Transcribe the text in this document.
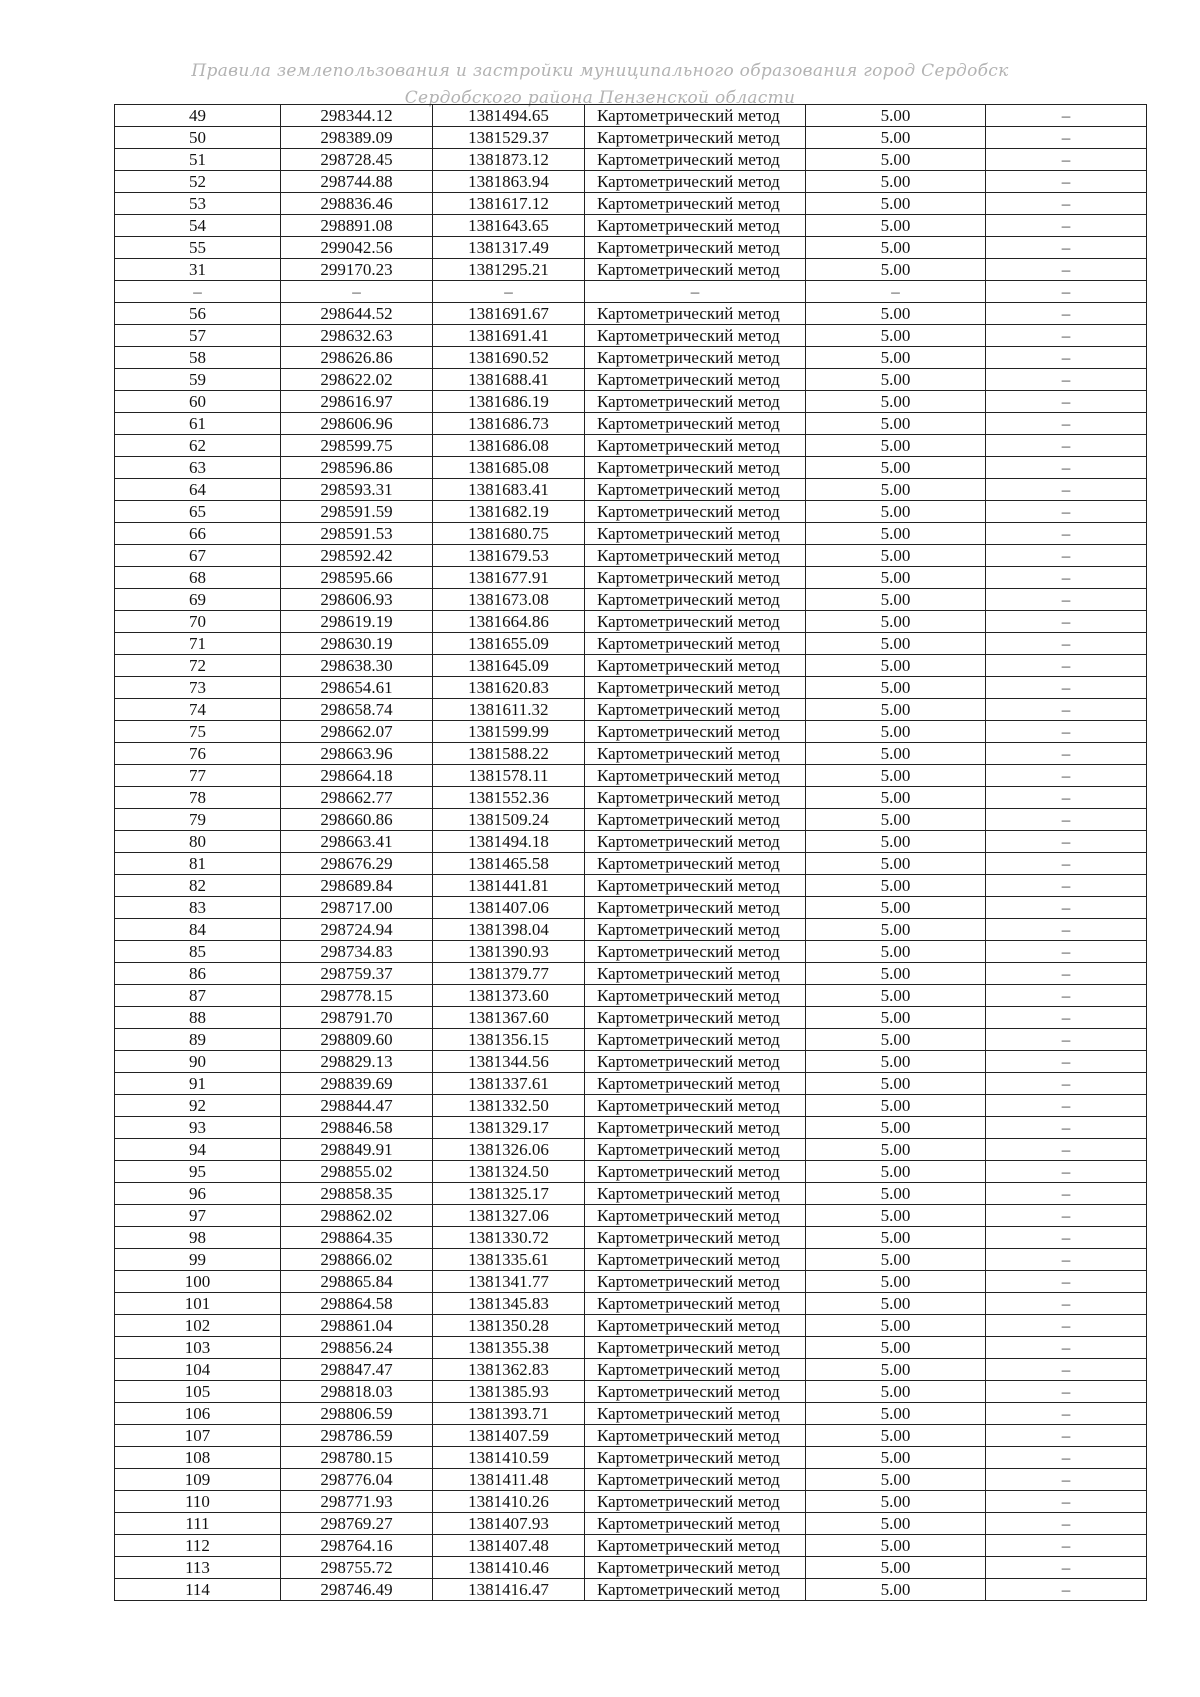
Правила землепользования и застройки муниципального образования город Сердобск
Сердобского района Пензенской области
49	298344.12	1381494.65	Картометрический метод	5.00	–
50	298389.09	1381529.37	Картометрический метод	5.00	–
51	298728.45	1381873.12	Картометрический метод	5.00	–
52	298744.88	1381863.94	Картометрический метод	5.00	–
53	298836.46	1381617.12	Картометрический метод	5.00	–
54	298891.08	1381643.65	Картометрический метод	5.00	–
55	299042.56	1381317.49	Картометрический метод	5.00	–
31	299170.23	1381295.21	Картометрический метод	5.00	–
–	–	–	–	–	–
56	298644.52	1381691.67	Картометрический метод	5.00	–
57	298632.63	1381691.41	Картометрический метод	5.00	–
58	298626.86	1381690.52	Картометрический метод	5.00	–
59	298622.02	1381688.41	Картометрический метод	5.00	–
60	298616.97	1381686.19	Картометрический метод	5.00	–
61	298606.96	1381686.73	Картометрический метод	5.00	–
62	298599.75	1381686.08	Картометрический метод	5.00	–
63	298596.86	1381685.08	Картометрический метод	5.00	–
64	298593.31	1381683.41	Картометрический метод	5.00	–
65	298591.59	1381682.19	Картометрический метод	5.00	–
66	298591.53	1381680.75	Картометрический метод	5.00	–
67	298592.42	1381679.53	Картометрический метод	5.00	–
68	298595.66	1381677.91	Картометрический метод	5.00	–
69	298606.93	1381673.08	Картометрический метод	5.00	–
70	298619.19	1381664.86	Картометрический метод	5.00	–
71	298630.19	1381655.09	Картометрический метод	5.00	–
72	298638.30	1381645.09	Картометрический метод	5.00	–
73	298654.61	1381620.83	Картометрический метод	5.00	–
74	298658.74	1381611.32	Картометрический метод	5.00	–
75	298662.07	1381599.99	Картометрический метод	5.00	–
76	298663.96	1381588.22	Картометрический метод	5.00	–
77	298664.18	1381578.11	Картометрический метод	5.00	–
78	298662.77	1381552.36	Картометрический метод	5.00	–
79	298660.86	1381509.24	Картометрический метод	5.00	–
80	298663.41	1381494.18	Картометрический метод	5.00	–
81	298676.29	1381465.58	Картометрический метод	5.00	–
82	298689.84	1381441.81	Картометрический метод	5.00	–
83	298717.00	1381407.06	Картометрический метод	5.00	–
84	298724.94	1381398.04	Картометрический метод	5.00	–
85	298734.83	1381390.93	Картометрический метод	5.00	–
86	298759.37	1381379.77	Картометрический метод	5.00	–
87	298778.15	1381373.60	Картометрический метод	5.00	–
88	298791.70	1381367.60	Картометрический метод	5.00	–
89	298809.60	1381356.15	Картометрический метод	5.00	–
90	298829.13	1381344.56	Картометрический метод	5.00	–
91	298839.69	1381337.61	Картометрический метод	5.00	–
92	298844.47	1381332.50	Картометрический метод	5.00	–
93	298846.58	1381329.17	Картометрический метод	5.00	–
94	298849.91	1381326.06	Картометрический метод	5.00	–
95	298855.02	1381324.50	Картометрический метод	5.00	–
96	298858.35	1381325.17	Картометрический метод	5.00	–
97	298862.02	1381327.06	Картометрический метод	5.00	–
98	298864.35	1381330.72	Картометрический метод	5.00	–
99	298866.02	1381335.61	Картометрический метод	5.00	–
100	298865.84	1381341.77	Картометрический метод	5.00	–
101	298864.58	1381345.83	Картометрический метод	5.00	–
102	298861.04	1381350.28	Картометрический метод	5.00	–
103	298856.24	1381355.38	Картометрический метод	5.00	–
104	298847.47	1381362.83	Картометрический метод	5.00	–
105	298818.03	1381385.93	Картометрический метод	5.00	–
106	298806.59	1381393.71	Картометрический метод	5.00	–
107	298786.59	1381407.59	Картометрический метод	5.00	–
108	298780.15	1381410.59	Картометрический метод	5.00	–
109	298776.04	1381411.48	Картометрический метод	5.00	–
110	298771.93	1381410.26	Картометрический метод	5.00	–
111	298769.27	1381407.93	Картометрический метод	5.00	–
112	298764.16	1381407.48	Картометрический метод	5.00	–
113	298755.72	1381410.46	Картометрический метод	5.00	–
114	298746.49	1381416.47	Картометрический метод	5.00	–
